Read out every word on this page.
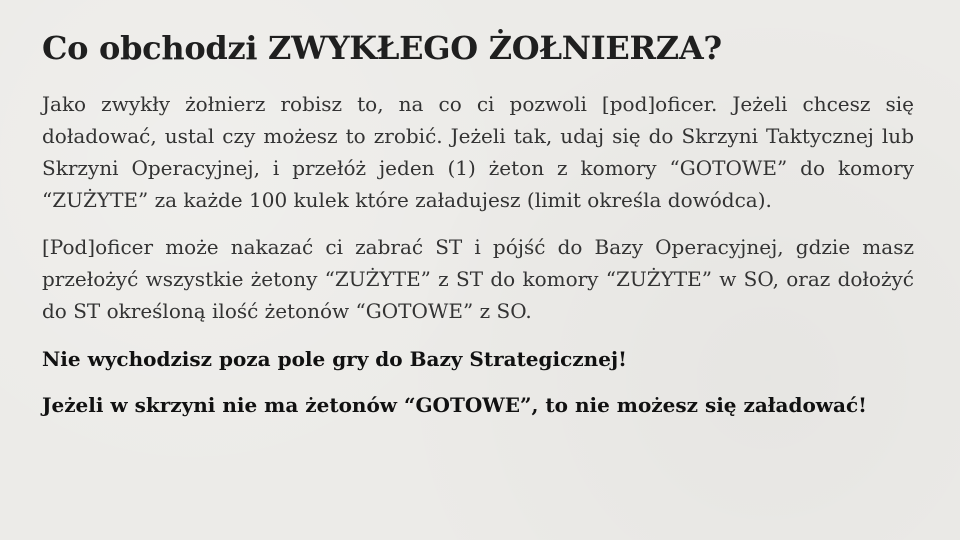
Co obchodzi ZWYKŁEGO ŻOŁNIERZA?

Jako zwykły żołnierz robisz to, na co ci pozwoli [pod]oficer. Jeżeli chcesz się doładować, ustal czy możesz to zrobić. Jeżeli tak, udaj się do Skrzyni Taktycznej lub Skrzyni Operacyjnej, i przełóż jeden (1) żeton z komory “GOTOWE” do komory “ZUŻYTE” za każde 100 kulek które załadujesz (limit określa dowódca).

[Pod]oficer może nakazać ci zabrać ST i pójść do Bazy Operacyjnej, gdzie masz przełożyć wszystkie żetony “ZUŻYTE” z ST do komory “ZUŻYTE” w SO, oraz dołożyć do ST określoną ilość żetonów “GOTOWE” z SO.

Nie wychodzisz poza pole gry do Bazy Strategicznej!

Jeżeli w skrzyni nie ma żetonów “GOTOWE”, to nie możesz się załadować!
